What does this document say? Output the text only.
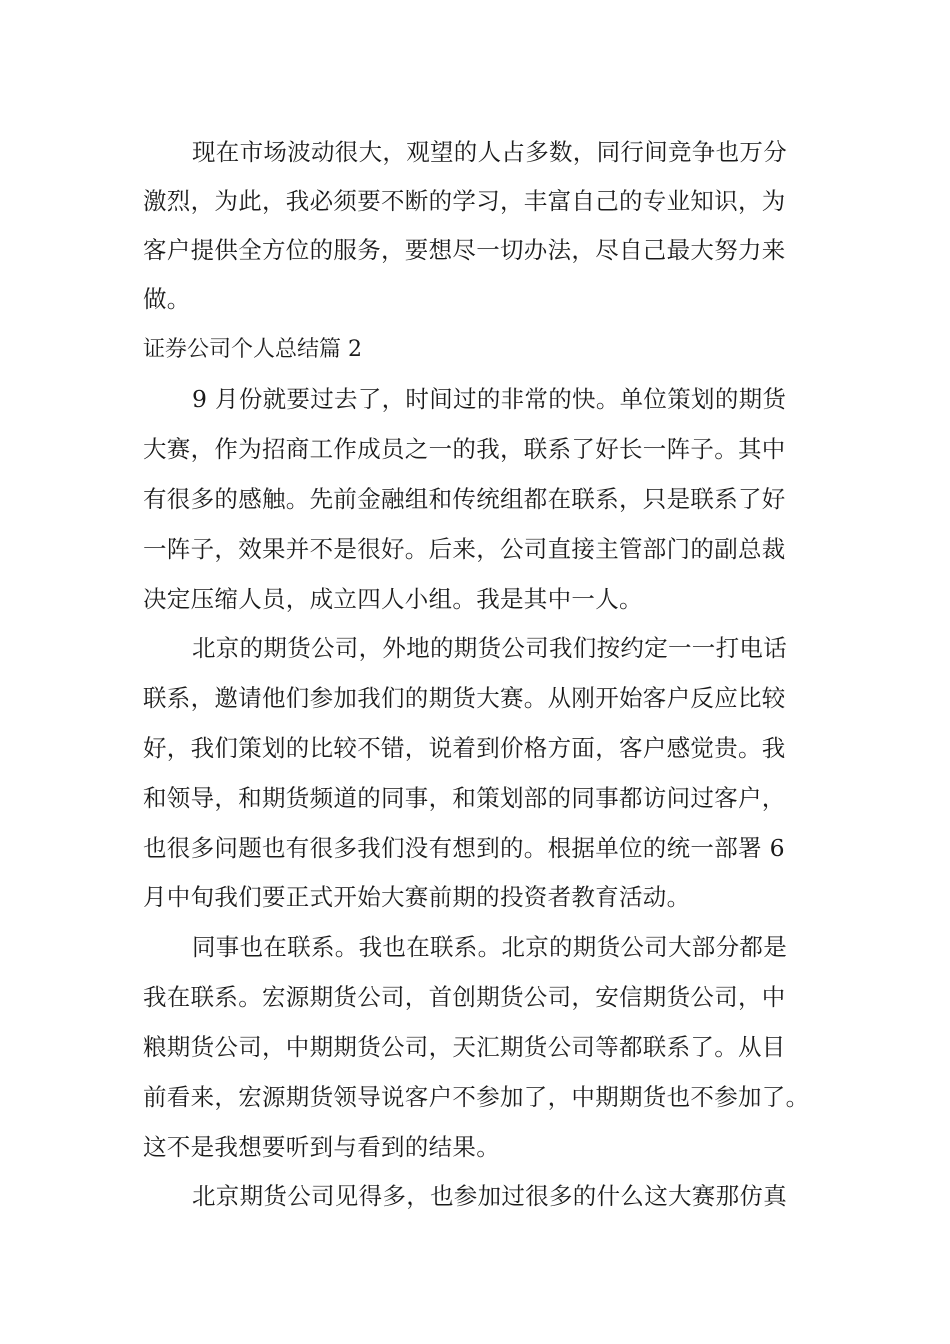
现在市场波动很大，观望的人占多数，同行间竞争也万分
激烈，为此，我必须要不断的学习，丰富自己的专业知识，为
客户提供全方位的服务，要想尽一切办法，尽自己最大努力来
做。
证券公司个人总结篇 2
9 月份就要过去了，时间过的非常的快。单位策划的期货
大赛，作为招商工作成员之一的我，联系了好长一阵子。其中
有很多的感触。先前金融组和传统组都在联系，只是联系了好
一阵子，效果并不是很好。后来，公司直接主管部门的副总裁
决定压缩人员，成立四人小组。我是其中一人。
北京的期货公司，外地的期货公司我们按约定一一打电话
联系，邀请他们参加我们的期货大赛。从刚开始客户反应比较
好，我们策划的比较不错，说着到价格方面，客户感觉贵。我
和领导，和期货频道的同事，和策划部的同事都访问过客户，
也很多问题也有很多我们没有想到的。根据单位的统一部署 6
月中旬我们要正式开始大赛前期的投资者教育活动。
同事也在联系。我也在联系。北京的期货公司大部分都是
我在联系。宏源期货公司，首创期货公司，安信期货公司，中
粮期货公司，中期期货公司，天汇期货公司等都联系了。从目
前看来，宏源期货领导说客户不参加了，中期期货也不参加了。
这不是我想要听到与看到的结果。
北京期货公司见得多，也参加过很多的什么这大赛那仿真
